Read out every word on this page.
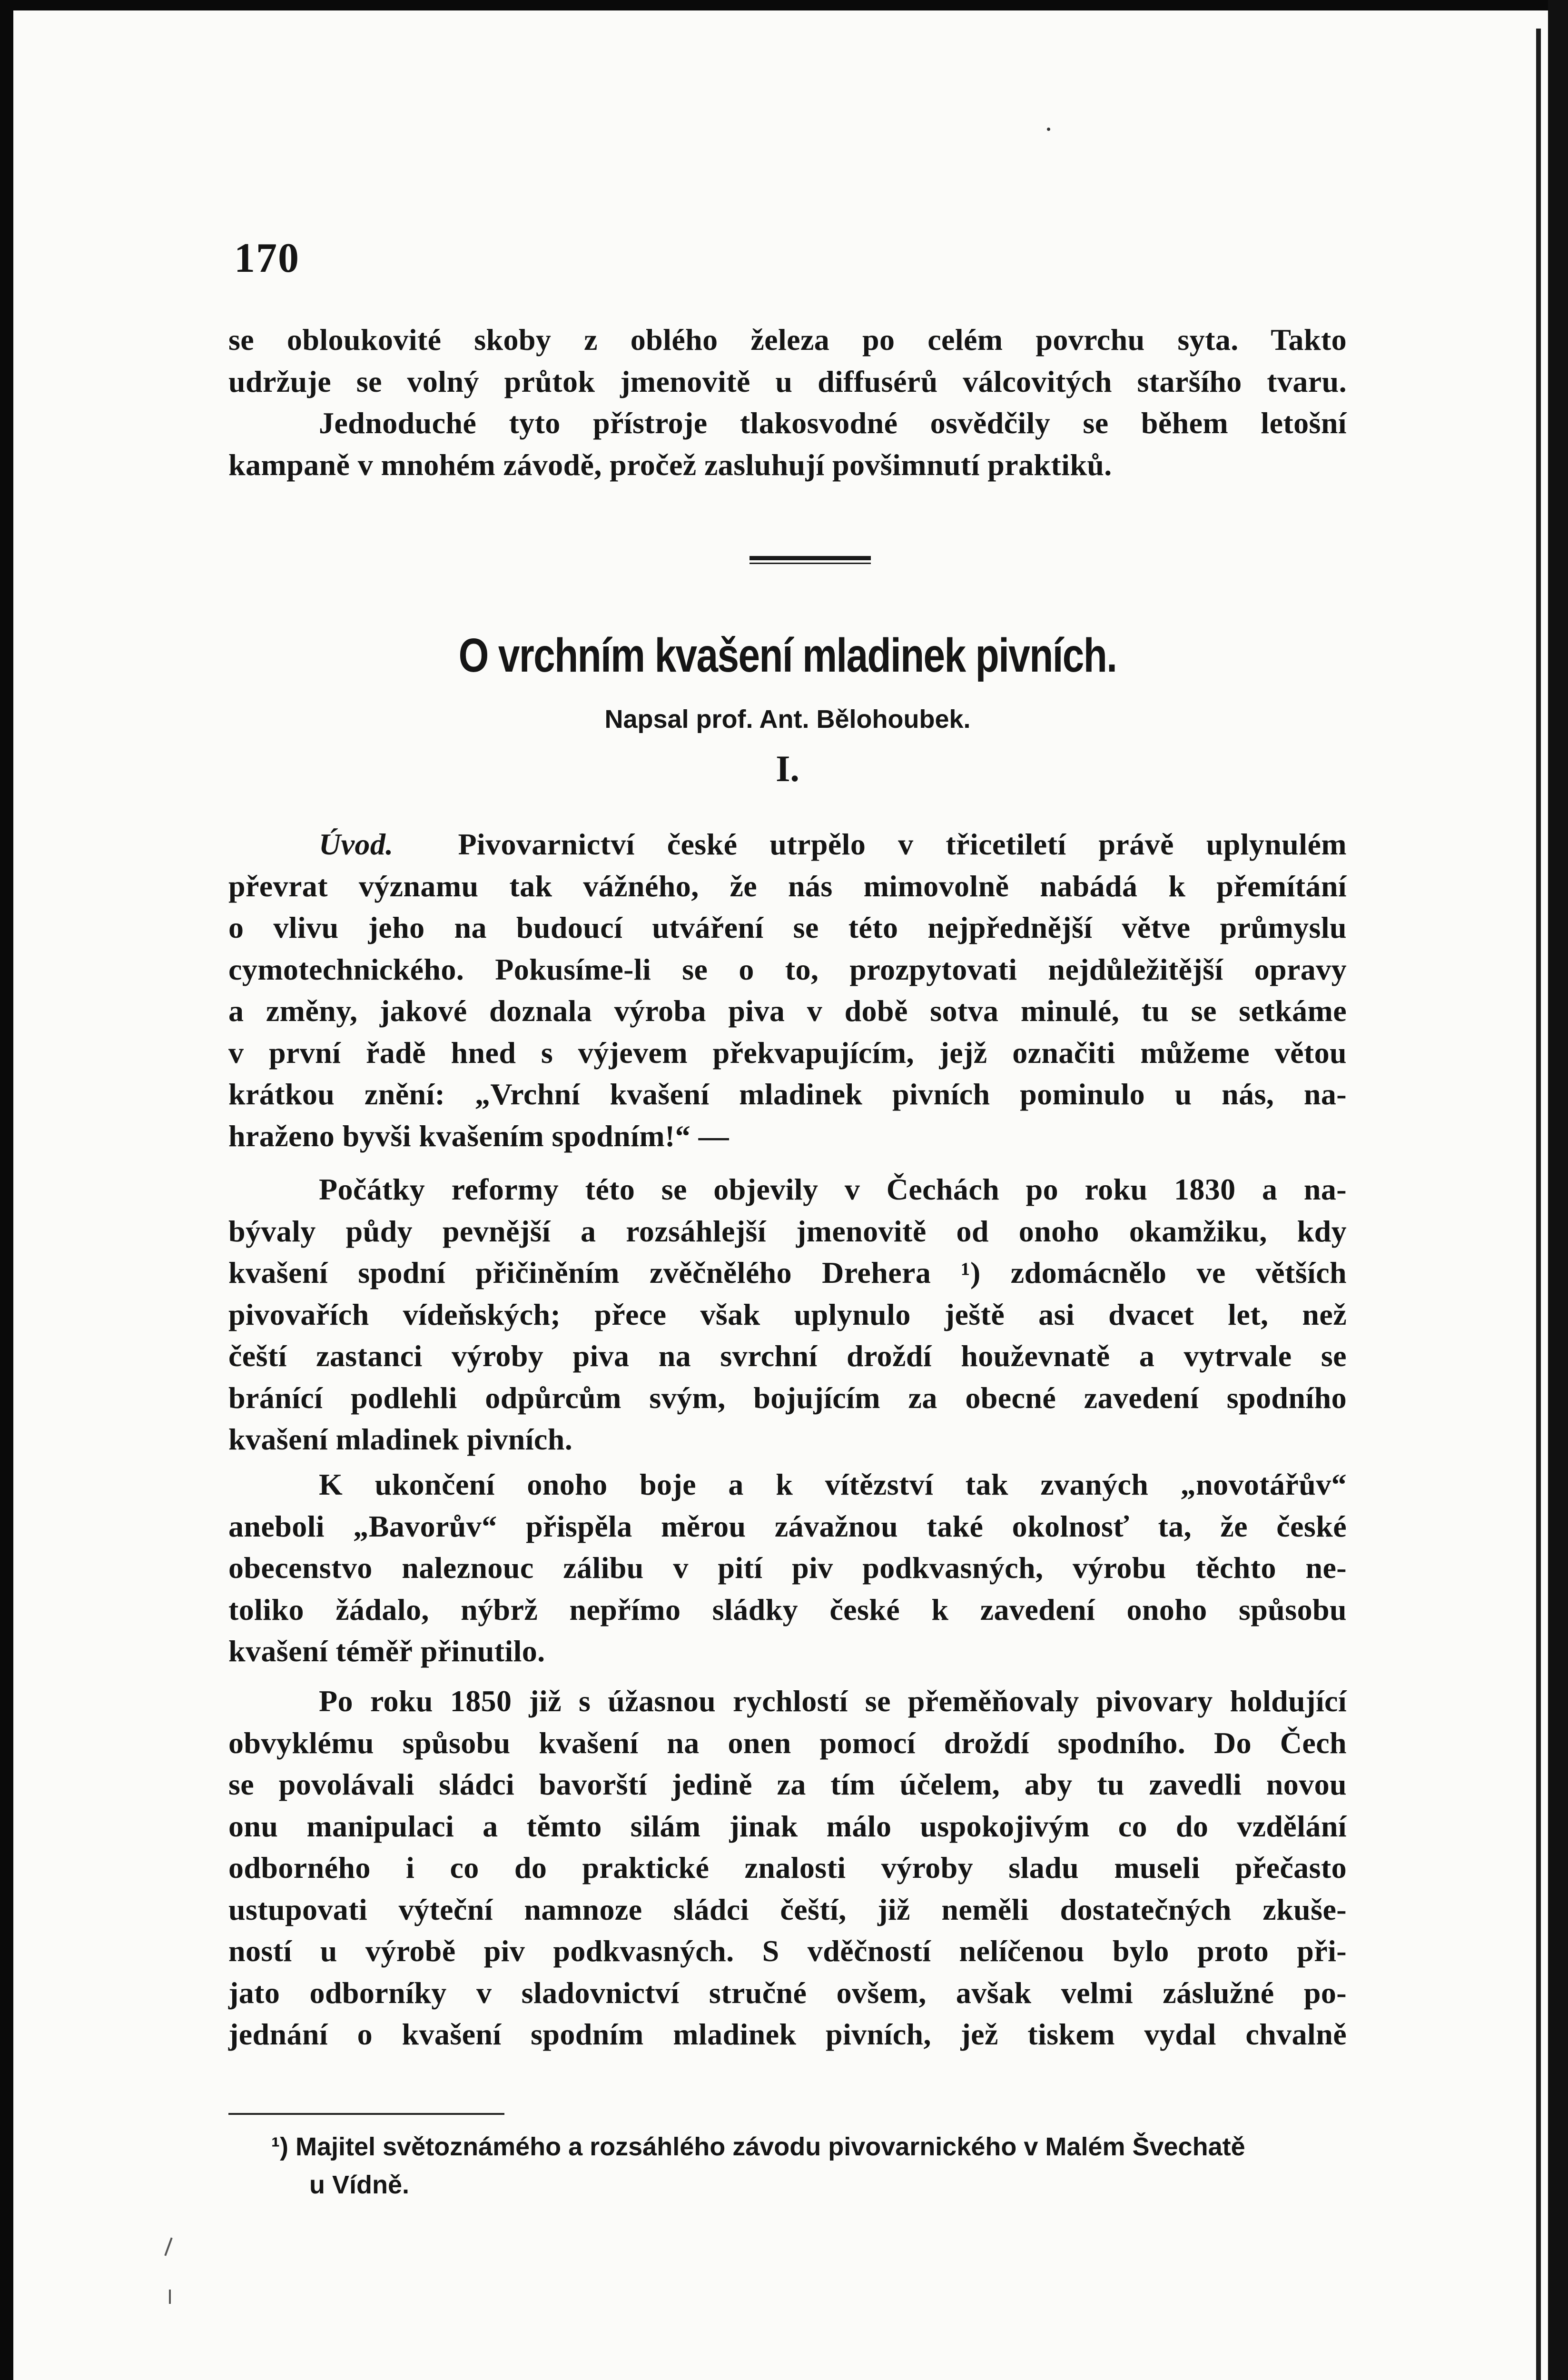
170
se obloukovité skoby z oblého železa po celém povrchu syta. Takto
udržuje se volný průtok jmenovitě u diffusérů válcovitých staršího tvaru.
Jednoduché tyto přístroje tlakosvodné osvědčily se během letošní
kampaně v mnohém závodě, pročež zasluhují povšimnutí praktiků.
O vrchním kvašení mladinek pivních.
Napsal prof. Ant. Bělohoubek.
I.
Úvod. Pivovarnictví české utrpělo v třicetiletí právě uplynulém
převrat významu tak vážného, že nás mimovolně nabádá k přemítání
o vlivu jeho na budoucí utváření se této nejpřednější větve průmyslu
cymotechnického. Pokusíme-li se o to, prozpytovati nejdůležitější opravy
a změny, jakové doznala výroba piva v době sotva minulé, tu se setkáme
v první řadě hned s výjevem překvapujícím, jejž označiti můžeme větou
krátkou znění: „Vrchní kvašení mladinek pivních pominulo u nás, na-
hraženo byvši kvašením spodním!“ —
Počátky reformy této se objevily v Čechách po roku 1830 a na-
bývaly půdy pevnější a rozsáhlejší jmenovitě od onoho okamžiku, kdy
kvašení spodní přičiněním zvěčnělého Drehera ¹) zdomácnělo ve větších
pivovařích vídeňských; přece však uplynulo ještě asi dvacet let, než
čeští zastanci výroby piva na svrchní droždí houževnatě a vytrvale se
bránící podlehli odpůrcům svým, bojujícím za obecné zavedení spodního
kvašení mladinek pivních.
K ukončení onoho boje a k vítězství tak zvaných „novotářův“
aneboli „Bavorův“ přispěla měrou závažnou také okolnosť ta, že české
obecenstvo naleznouc zálibu v pití piv podkvasných, výrobu těchto ne-
toliko žádalo, nýbrž nepřímo sládky české k zavedení onoho spůsobu
kvašení téměř přinutilo.
Po roku 1850 již s úžasnou rychlostí se přeměňovaly pivovary holdující
obvyklému spůsobu kvašení na onen pomocí droždí spodního. Do Čech
se povolávali sládci bavorští jedině za tím účelem, aby tu zavedli novou
onu manipulaci a těmto silám jinak málo uspokojivým co do vzdělání
odborného i co do praktické znalosti výroby sladu museli přečasto
ustupovati výteční namnoze sládci čeští, již neměli dostatečných zkuše-
ností u výrobě piv podkvasných. S vděčností nelíčenou bylo proto při-
jato odborníky v sladovnictví stručné ovšem, avšak velmi záslužné po-
jednání o kvašení spodním mladinek pivních, jež tiskem vydal chvalně
¹) Majitel světoznámého a rozsáhlého závodu pivovarnického v Malém Švechatě
u Vídně.
